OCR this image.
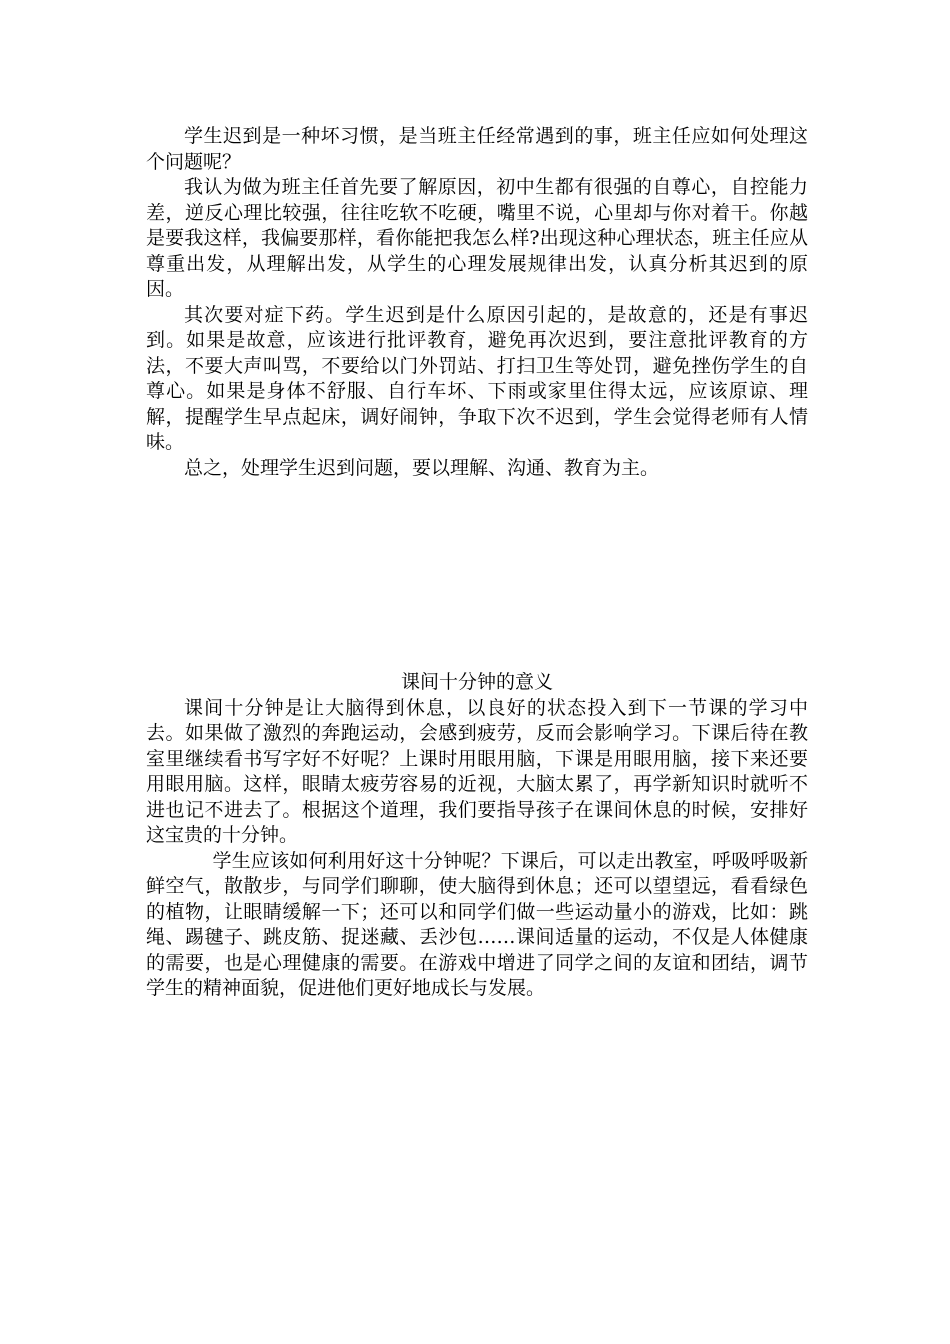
学生迟到是一种坏习惯，是当班主任经常遇到的事，班主任应如何处理这个问题呢？

我认为做为班主任首先要了解原因，初中生都有很强的自尊心，自控能力差，逆反心理比较强，往往吃软不吃硬，嘴里不说，心里却与你对着干。你越是要我这样，我偏要那样，看你能把我怎么样?出现这种心理状态，班主任应从尊重出发，从理解出发，从学生的心理发展规律出发，认真分析其迟到的原因。

其次要对症下药。学生迟到是什么原因引起的，是故意的，还是有事迟到。如果是故意，应该进行批评教育，避免再次迟到，要注意批评教育的方法，不要大声叫骂，不要给以门外罚站、打扫卫生等处罚，避免挫伤学生的自尊心。如果是身体不舒服、自行车坏、下雨或家里住得太远，应该原谅、理解，提醒学生早点起床，调好闹钟，争取下次不迟到，学生会觉得老师有人情味。

总之，处理学生迟到问题，要以理解、沟通、教育为主。

课间十分钟的意义

课间十分钟是让大脑得到休息，以良好的状态投入到下一节课的学习中去。如果做了激烈的奔跑运动，会感到疲劳，反而会影响学习。下课后待在教室里继续看书写字好不好呢？上课时用眼用脑，下课是用眼用脑，接下来还要用眼用脑。这样，眼睛太疲劳容易的近视，大脑太累了，再学新知识时就听不进也记不进去了。根据这个道理，我们要指导孩子在课间休息的时候，安排好这宝贵的十分钟。

学生应该如何利用好这十分钟呢？下课后，可以走出教室，呼吸呼吸新鲜空气，散散步，与同学们聊聊，使大脑得到休息；还可以望望远，看看绿色的植物，让眼睛缓解一下；还可以和同学们做一些运动量小的游戏，比如：跳绳、踢毽子、跳皮筋、捉迷藏、丢沙包……课间适量的运动，不仅是人体健康的需要，也是心理健康的需要。在游戏中增进了同学之间的友谊和团结，调节学生的精神面貌，促进他们更好地成长与发展。
